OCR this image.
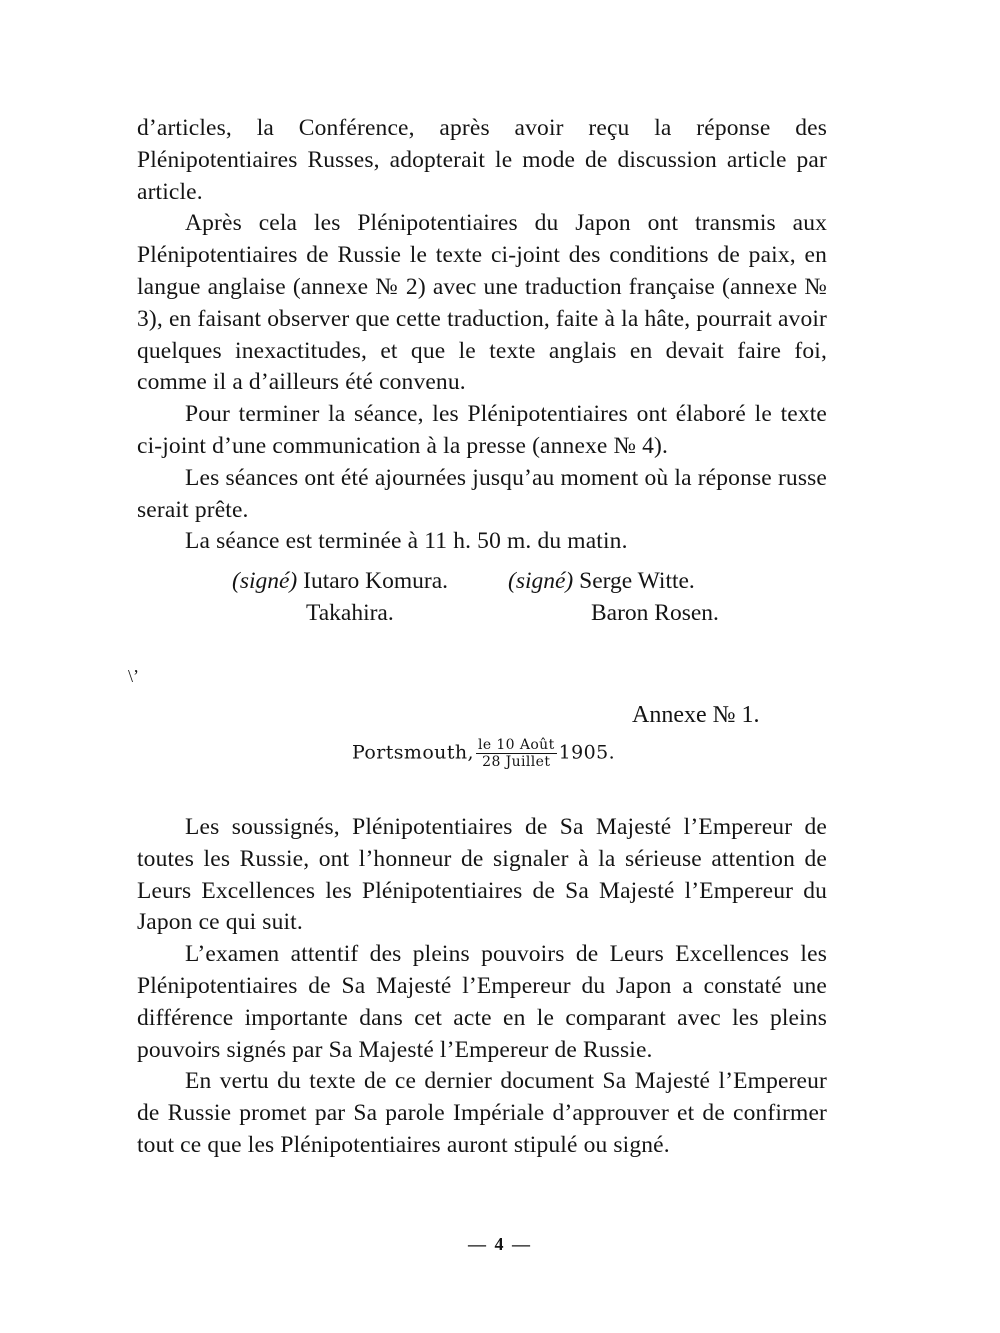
d’articles, la Conférence, après avoir reçu la réponse des Plénipotentiaires Russes, adopterait le mode de discussion article par article.

Après cela les Plénipotentiaires du Japon ont transmis aux Plénipotentiaires de Russie le texte ci-joint des conditions de paix, en langue anglaise (annexe № 2) avec une traduction française (annexe № 3), en faisant observer que cette traduction, faite à la hâte, pourrait avoir quelques inexactitudes, et que le texte anglais en devait faire foi, comme il a d’ailleurs été convenu.

Pour terminer la séance, les Plénipotentiaires ont élaboré le texte ci-joint d’une communication à la presse (annexe № 4).

Les séances ont été ajournées jusqu’au moment où la réponse russe serait prête.

La séance est terminée à 11 h. 50 m. du matin.

(signé) Iutaro Komura.
Takahira.
(signé) Serge Witte.
Baron Rosen.
\’
Annexe № 1.
Portsmouth, $\frac{\text{le 10 Août}}{\text{28 Juillet}} 1905$.

Les soussignés, Plénipotentiaires de Sa Majesté l’Empereur de toutes les Russie, ont l’honneur de signaler à la sérieuse attention de Leurs Excellences les Plénipotentiaires de Sa Majesté l’Empereur du Japon ce qui suit.

L’examen attentif des pleins pouvoirs de Leurs Excellences les Plénipotentiaires de Sa Majesté l’Empereur du Japon a constaté une différence importante dans cet acte en le comparant avec les pleins pouvoirs signés par Sa Majesté l’Empereur de Russie.

En vertu du texte de ce dernier document Sa Majesté l’Empereur de Russie promet par Sa parole Impériale d’approuver et de confirmer tout ce que les Plénipotentiaires auront stipulé ou signé.

— 4 —
